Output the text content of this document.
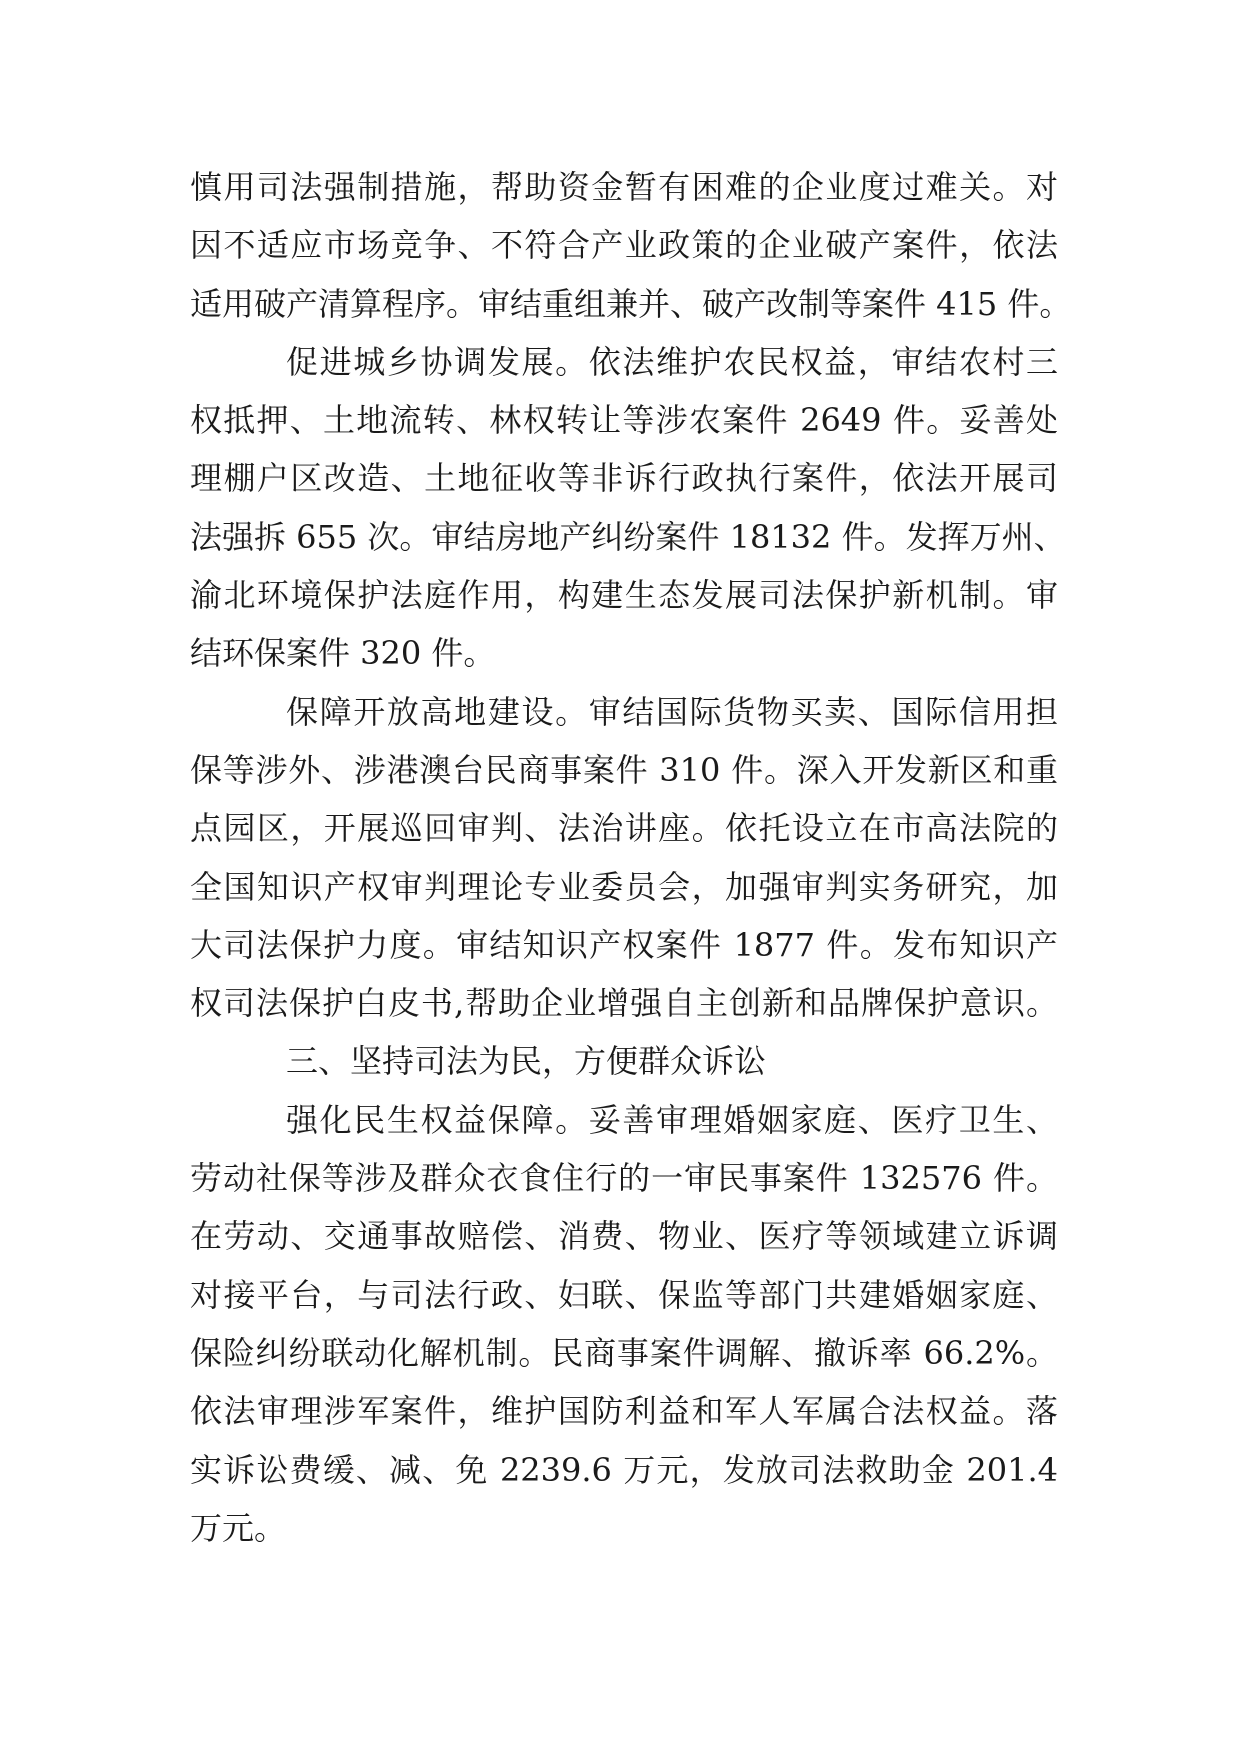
慎用司法强制措施，帮助资金暂有困难的企业度过难关。对
因不适应市场竞争、不符合产业政策的企业破产案件，依法
适用破产清算程序。审结重组兼并、破产改制等案件 415 件。
促进城乡协调发展。依法维护农民权益，审结农村三
权抵押、土地流转、林权转让等涉农案件 2649 件。妥善处
理棚户区改造、土地征收等非诉行政执行案件，依法开展司
法强拆 655 次。审结房地产纠纷案件 18132 件。发挥万州、
渝北环境保护法庭作用，构建生态发展司法保护新机制。审
结环保案件 320 件。
保障开放高地建设。审结国际货物买卖、国际信用担
保等涉外、涉港澳台民商事案件 310 件。深入开发新区和重
点园区，开展巡回审判、法治讲座。依托设立在市高法院的
全国知识产权审判理论专业委员会，加强审判实务研究，加
大司法保护力度。审结知识产权案件 1877 件。发布知识产
权司法保护白皮书,帮助企业增强自主创新和品牌保护意识。
三、坚持司法为民，方便群众诉讼
强化民生权益保障。妥善审理婚姻家庭、医疗卫生、
劳动社保等涉及群众衣食住行的一审民事案件 132576 件。
在劳动、交通事故赔偿、消费、物业、医疗等领域建立诉调
对接平台，与司法行政、妇联、保监等部门共建婚姻家庭、
保险纠纷联动化解机制。民商事案件调解、撤诉率 66.2%。
依法审理涉军案件，维护国防利益和军人军属合法权益。落
实诉讼费缓、减、免 2239.6 万元，发放司法救助金 201.4
万元。
